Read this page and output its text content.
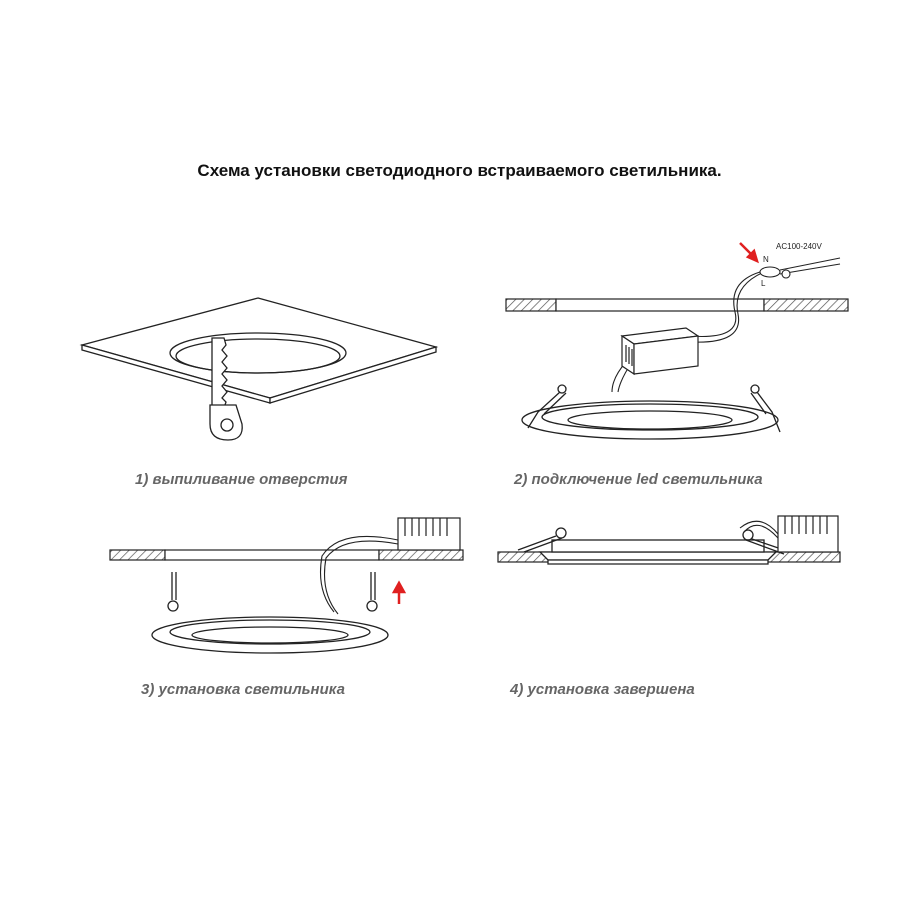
Схема установки светодиодного встраиваемого светильника.
AC100-240V
N
L
1) выпиливание отверстия	2) подключение led светильника
3) установка светильника	4) установка завершена
